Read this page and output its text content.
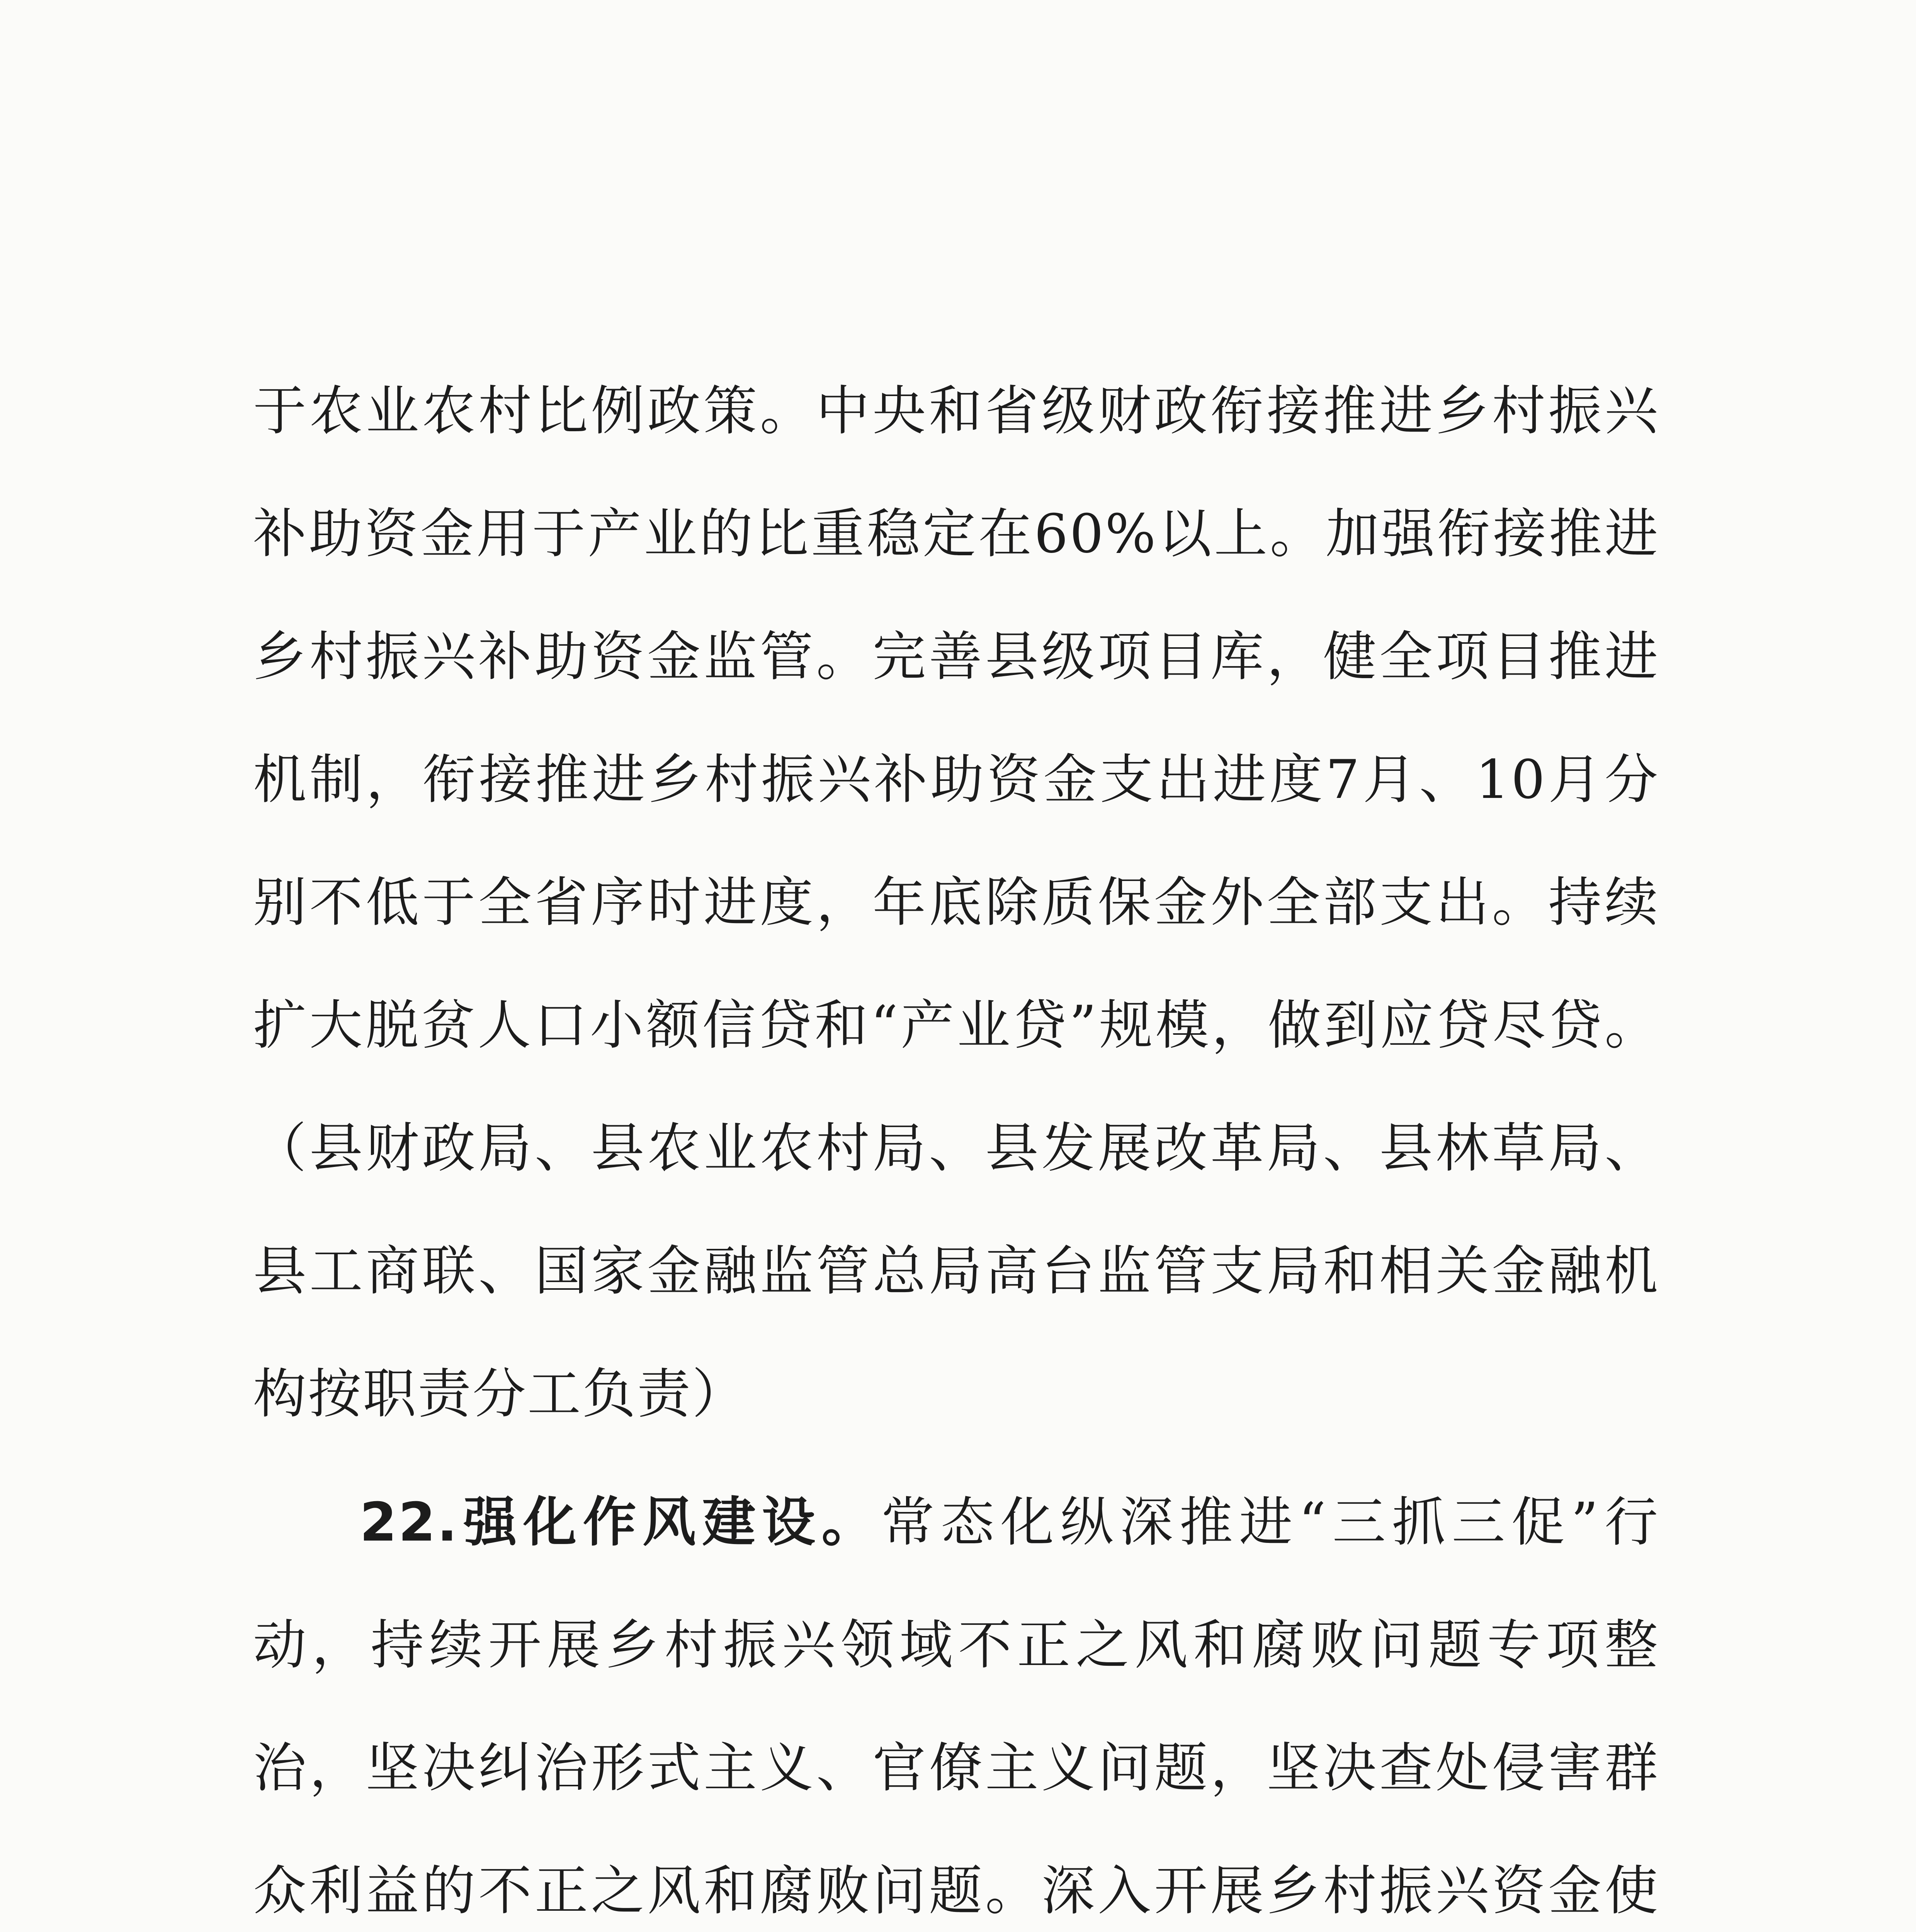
于农业农村比例政策。中央和省级财政衔接推进乡村振兴补助资金用于产业的比重稳定在60%以上。加强衔接推进乡村振兴补助资金监管。完善县级项目库，健全项目推进机制，衔接推进乡村振兴补助资金支出进度7月、10月分别不低于全省序时进度，年底除质保金外全部支出。持续扩大脱贫人口小额信贷和“产业贷”规模，做到应贷尽贷。（县财政局、县农业农村局、县发展改革局、县林草局、县工商联、国家金融监管总局高台监管支局和相关金融机构按职责分工负责）

22.强化作风建设。常态化纵深推进“三抓三促”行动，持续开展乡村振兴领域不正之风和腐败问题专项整治，坚决纠治形式主义、官僚主义问题，坚决查处侵害群众利益的不正之风和腐败问题。深入开展乡村振兴资金使
